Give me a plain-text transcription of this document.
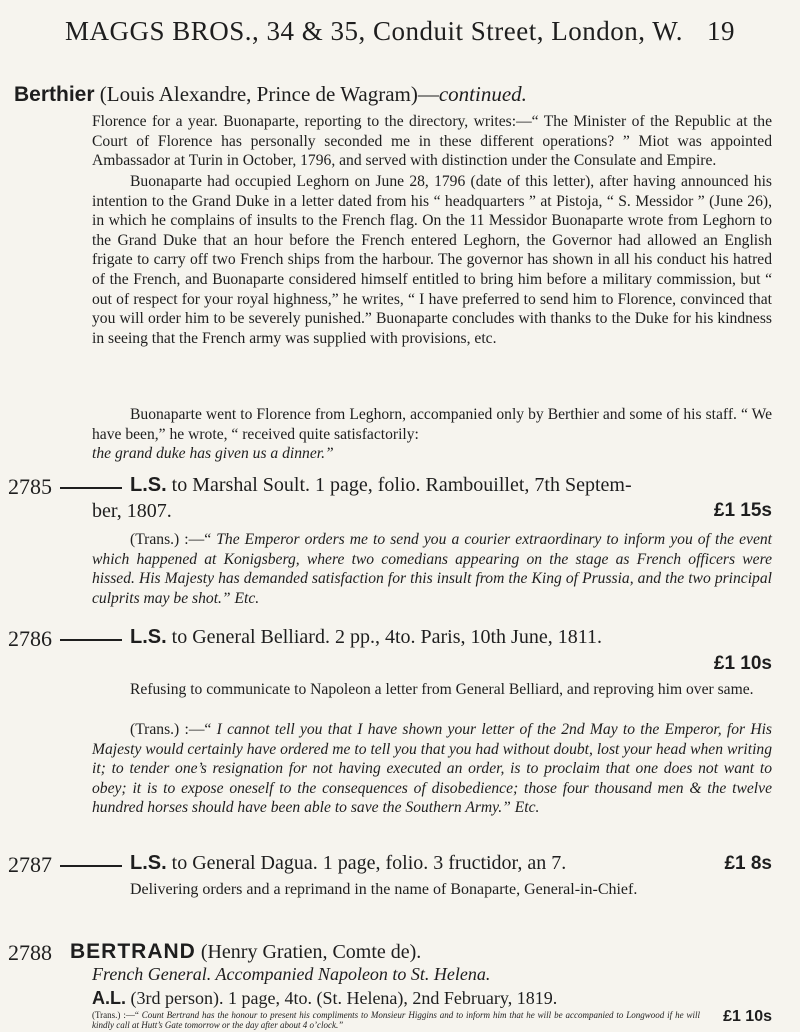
MAGGS BROS., 34 & 35, Conduit Street, London, W. 19
Berthier (Louis Alexandre, Prince de Wagram)—continued.
Florence for a year. Buonaparte, reporting to the directory, writes:—“ The Minister of the Republic at the Court of Florence has personally seconded me in these different operations? ” Miot was appointed Ambassador at Turin in October, 1796, and served with distinction under the Consulate and Empire.
Buonaparte had occupied Leghorn on June 28, 1796 (date of this letter), after having announced his intention to the Grand Duke in a letter dated from his “ headquarters ” at Pistoja, “ S. Messidor ” (June 26), in which he complains of insults to the French flag. On the 11 Messidor Buonaparte wrote from Leghorn to the Grand Duke that an hour before the French entered Leghorn, the Governor had allowed an English frigate to carry off two French ships from the harbour. The governor has shown in all his conduct his hatred of the French, and Buonaparte considered himself entitled to bring him before a military commission, but “ out of respect for your royal highness,” he writes, “ I have preferred to send him to Florence, convinced that you will order him to be severely punished.” Buonaparte concludes with thanks to the Duke for his kindness in seeing that the French army was supplied with provisions, etc.
Buonaparte went to Florence from Leghorn, accompanied only by Berthier and some of his staff. “ We have been,” he wrote, “ received quite satisfactorily:
the grand duke has given us a dinner.”
2785	L.S. to Marshal Soult. 1 page, folio. Rambouillet, 7th Septem-
ber, 1807.	£1 15s
(Trans.) :—“ The Emperor orders me to send you a courier extraordinary to inform you of the event which happened at Konigsberg, where two comedians appearing on the stage as French officers were hissed. His Majesty has demanded satisfaction for this insult from the King of Prussia, and the two principal culprits may be shot.” Etc.
2786	L.S. to General Belliard. 2 pp., 4to. Paris, 10th June, 1811.
£1 10s
Refusing to communicate to Napoleon a letter from General Belliard, and reproving him over same.
(Trans.) :—“ I cannot tell you that I have shown your letter of the 2nd May to the Emperor, for His Majesty would certainly have ordered me to tell you that you had without doubt, lost your head when writing it; to tender one’s resignation for not having executed an order, is to proclaim that one does not want to obey; it is to expose oneself to the consequences of disobedience; those four thousand men & the twelve hundred horses should have been able to save the Southern Army.” Etc.
2787	L.S. to General Dagua. 1 page, folio. 3 fructidor, an 7.	£1 8s
Delivering orders and a reprimand in the name of Bonaparte, General-in-Chief.
2788 BERTRAND (Henry Gratien, Comte de).
French General. Accompanied Napoleon to St. Helena.
A.L. (3rd person). 1 page, 4to. (St. Helena), 2nd February, 1819.
£1 10s
(Trans.) :—“ Count Bertrand has the honour to present his compliments to Monsieur Higgins and to inform him that he will be accompanied to Longwood if he will kindly call at Hutt’s Gate tomorrow or the day after about 4 o’clock.”
